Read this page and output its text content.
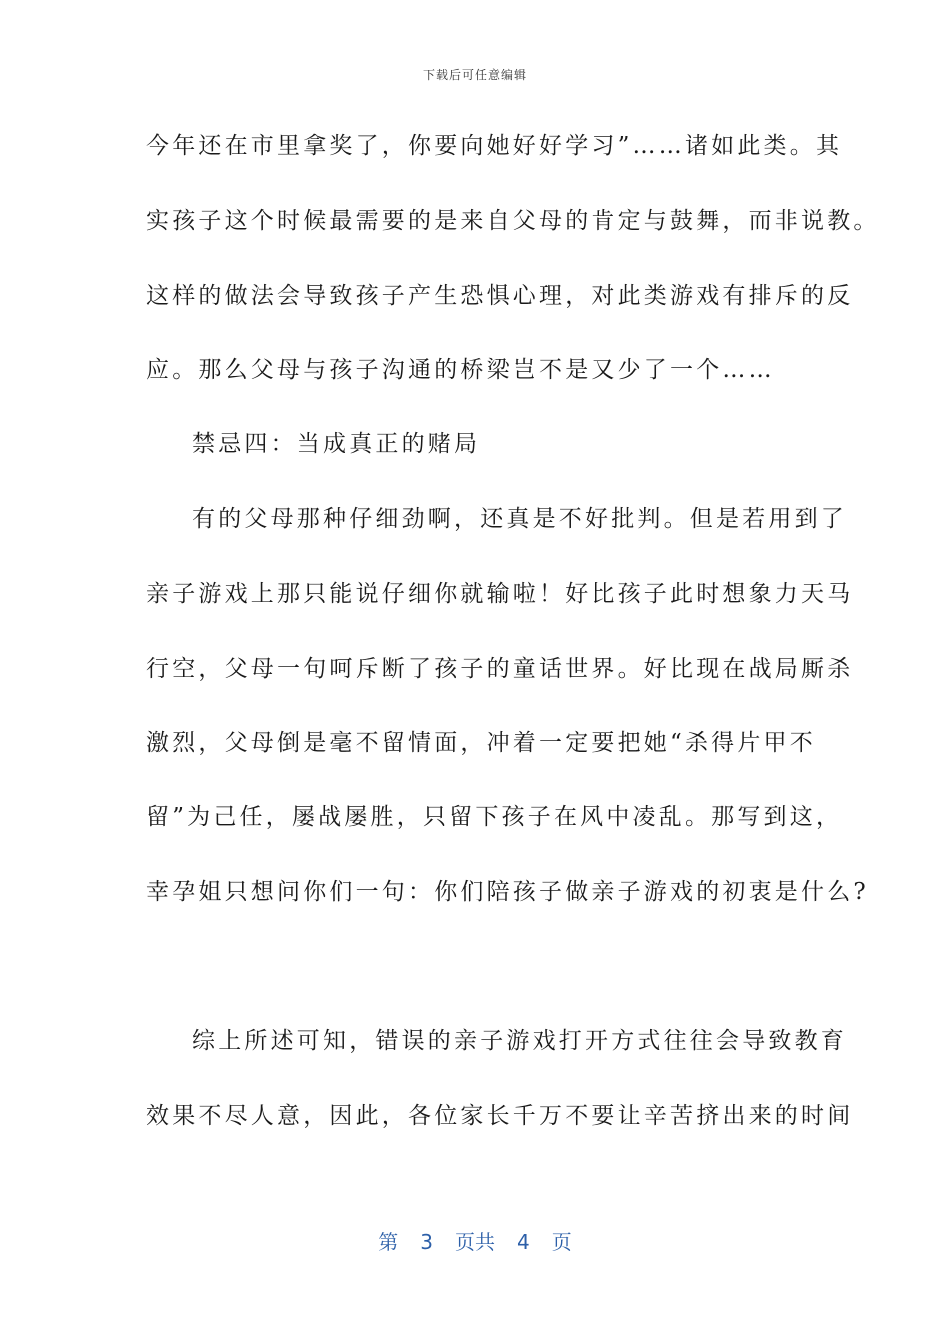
下载后可任意编辑
今年还在市里拿奖了，你要向她好好学习”……诸如此类。其
实孩子这个时候最需要的是来自父母的肯定与鼓舞，而非说教。
这样的做法会导致孩子产生恐惧心理，对此类游戏有排斥的反
应。那么父母与孩子沟通的桥梁岂不是又少了一个……
禁忌四：当成真正的赌局
有的父母那种仔细劲啊，还真是不好批判。但是若用到了
亲子游戏上那只能说仔细你就输啦！好比孩子此时想象力天马
行空，父母一句呵斥断了孩子的童话世界。好比现在战局厮杀
激烈，父母倒是毫不留情面，冲着一定要把她“杀得片甲不
留”为己任，屡战屡胜，只留下孩子在风中凌乱。那写到这，
幸孕姐只想问你们一句：你们陪孩子做亲子游戏的初衷是什么?
综上所述可知，错误的亲子游戏打开方式往往会导致教育
效果不尽人意，因此，各位家长千万不要让辛苦挤出来的时间
第 3 页共 4 页
